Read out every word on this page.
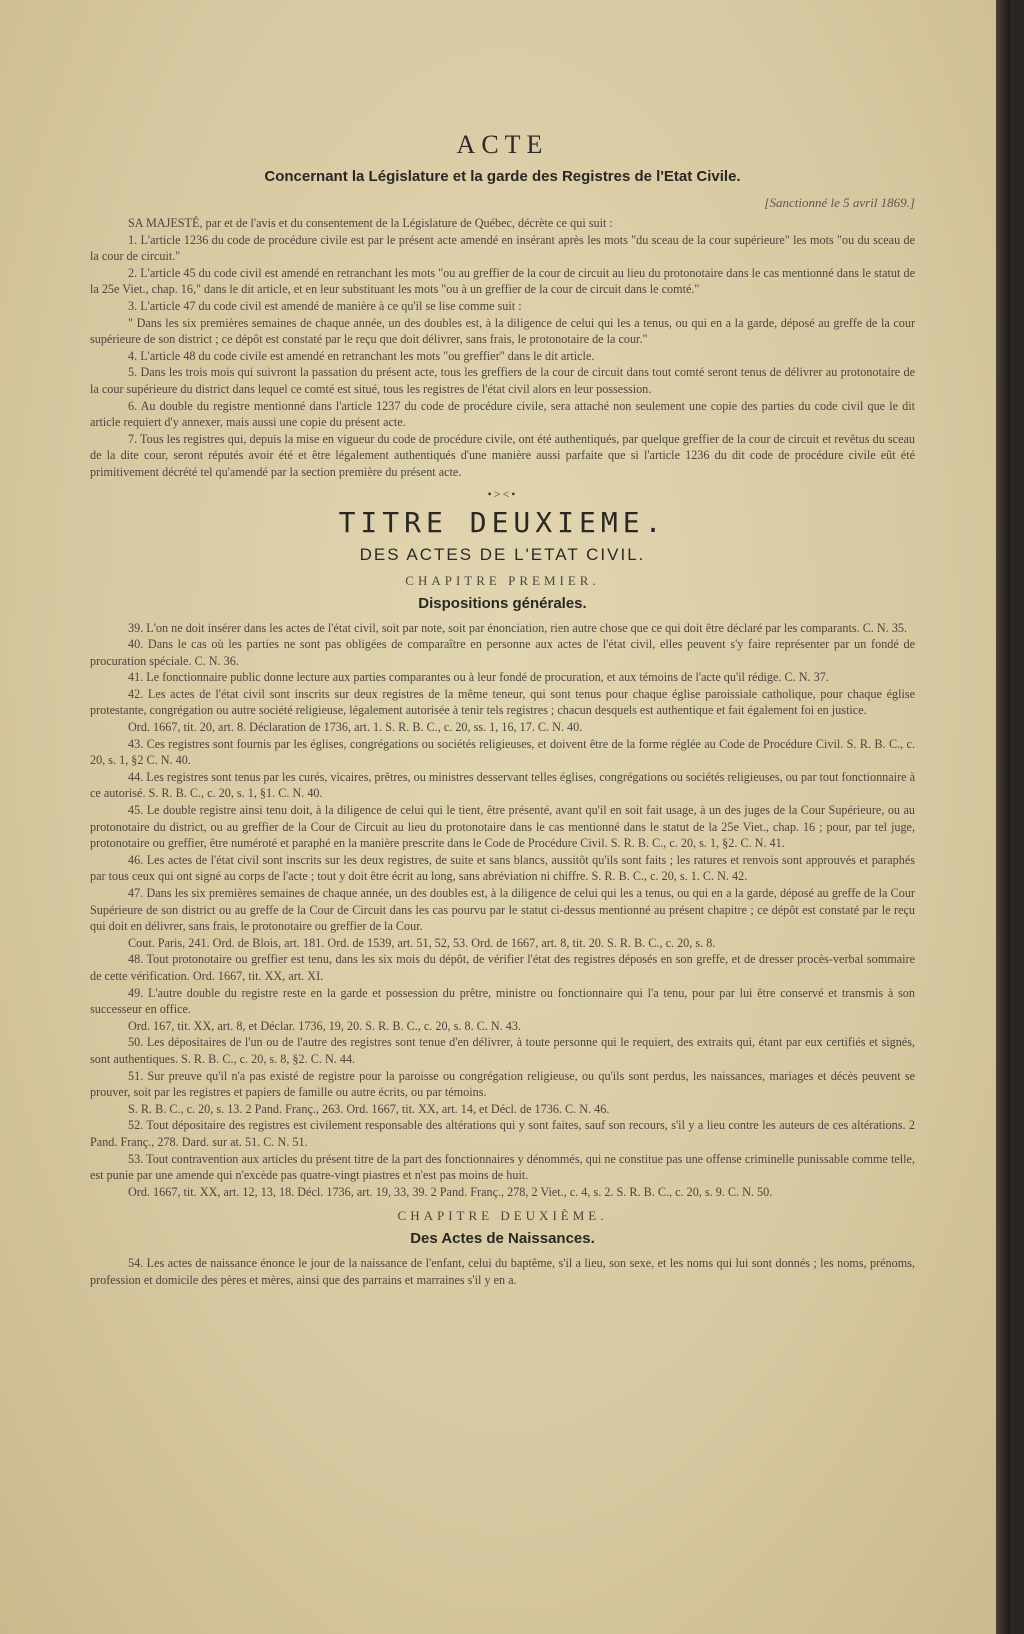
ACTE
Concernant la Législature et la garde des Registres de l'Etat Civile.
[Sanctionné le 5 avril 1869.]

SA MAJESTÉ, par et de l'avis et du consentement de la Législature de Québec, décrète ce qui suit :

1. L'article 1236 du code de procédure civile est par le présent acte amendé en insérant après les mots "du sceau de la cour supérieure" les mots "ou du sceau de la cour de circuit."

2. L'article 45 du code civil est amendé en retranchant les mots "ou au greffier de la cour de circuit au lieu du protonotaire dans le cas mentionné dans le statut de la 25e Viet., chap. 16," dans le dit article, et en leur substituant les mots "ou à un greffier de la cour de circuit dans le comté."

3. L'article 47 du code civil est amendé de manière à ce qu'il se lise comme suit :

" Dans les six premières semaines de chaque année, un des doubles est, à la diligence de celui qui les a tenus, ou qui en a la garde, déposé au greffe de la cour supérieure de son district ; ce dépôt est constaté par le reçu que doit délivrer, sans frais, le protonotaire de la cour."

4. L'article 48 du code civile est amendé en retranchant les mots "ou greffier" dans le dit article.

5. Dans les trois mois qui suivront la passation du présent acte, tous les greffiers de la cour de circuit dans tout comté seront tenus de délivrer au protonotaire de la cour supérieure du district dans lequel ce comté est situé, tous les registres de l'état civil alors en leur possession.

6. Au double du registre mentionné dans l'article 1237 du code de procédure civile, sera attaché non seulement une copie des parties du code civil que le dit article requiert d'y annexer, mais aussi une copie du présent acte.

7. Tous les registres qui, depuis la mise en vigueur du code de procédure civile, ont été authentiqués, par quelque greffier de la cour de circuit et revêtus du sceau de la dite cour, seront réputés avoir été et être légalement authentiqués d'une manière aussi parfaite que si l'article 1236 du dit code de procédure civile eût été primitivement décrété tel qu'amendé par la section première du présent acte.

•><•
TITRE DEUXIEME.
DES ACTES DE L'ETAT CIVIL.
CHAPITRE PREMIER.
Dispositions générales.

39. L'on ne doit insérer dans les actes de l'état civil, soit par note, soit par énonciation, rien autre chose que ce qui doit être déclaré par les comparants. C. N. 35.

40. Dans le cas où les parties ne sont pas obligées de comparaître en personne aux actes de l'état civil, elles peuvent s'y faire représenter par un fondé de procuration spéciale. C. N. 36.

41. Le fonctionnaire public donne lecture aux parties comparantes ou à leur fondé de procuration, et aux témoins de l'acte qu'il rédige. C. N. 37.

42. Les actes de l'état civil sont inscrits sur deux registres de la même teneur, qui sont tenus pour chaque église paroissiale catholique, pour chaque église protestante, congrégation ou autre société religieuse, légalement autorisée à tenir tels registres ; chacun desquels est authentique et fait également foi en justice.

Ord. 1667, tit. 20, art. 8. Déclaration de 1736, art. 1. S. R. B. C., c. 20, ss. 1, 16, 17. C. N. 40.

43. Ces registres sont fournis par les églises, congrégations ou sociétés religieuses, et doivent être de la forme réglée au Code de Procédure Civil. S. R. B. C., c. 20, s. 1, §2 C. N. 40.

44. Les registres sont tenus par les curés, vicaires, prêtres, ou ministres desservant telles églises, congrégations ou sociétés religieuses, ou par tout fonctionnaire à ce autorisé. S. R. B. C., c. 20, s. 1, §1. C. N. 40.

45. Le double registre ainsi tenu doit, à la diligence de celui qui le tient, être présenté, avant qu'il en soit fait usage, à un des juges de la Cour Supérieure, ou au protonotaire du district, ou au greffier de la Cour de Circuit au lieu du protonotaire dans le cas mentionné dans le statut de la 25e Viet., chap. 16 ; pour, par tel juge, protonotaire ou greffier, être numéroté et paraphé en la manière prescrite dans le Code de Procédure Civil. S. R. B. C., c. 20, s. 1, §2. C. N. 41.

46. Les actes de l'état civil sont inscrits sur les deux registres, de suite et sans blancs, aussitôt qu'ils sont faits ; les ratures et renvois sont approuvés et paraphés par tous ceux qui ont signé au corps de l'acte ; tout y doit être écrit au long, sans abréviation ni chiffre. S. R. B. C., c. 20, s. 1. C. N. 42.

47. Dans les six premières semaines de chaque année, un des doubles est, à la diligence de celui qui les a tenus, ou qui en a la garde, déposé au greffe de la Cour Supérieure de son district ou au greffe de la Cour de Circuit dans les cas pourvu par le statut ci-dessus mentionné au présent chapitre ; ce dépôt est constaté par le reçu qui doit en délivrer, sans frais, le protonotaire ou greffier de la Cour.

Cout. Paris, 241. Ord. de Blois, art. 181. Ord. de 1539, art. 51, 52, 53. Ord. de 1667, art. 8, tit. 20. S. R. B. C., c. 20, s. 8.

48. Tout protonotaire ou greffier est tenu, dans les six mois du dépôt, de vérifier l'état des registres déposés en son greffe, et de dresser procès-verbal sommaire de cette vérification. Ord. 1667, tit. XX, art. XI.

49. L'autre double du registre reste en la garde et possession du prêtre, ministre ou fonctionnaire qui l'a tenu, pour par lui être conservé et transmis à son successeur en office.

Ord. 167, tit. XX, art. 8, et Déclar. 1736, 19, 20. S. R. B. C., c. 20, s. 8. C. N. 43.

50. Les dépositaires de l'un ou de l'autre des registres sont tenue d'en délivrer, à toute personne qui le requiert, des extraits qui, étant par eux certifiés et signés, sont authentiques. S. R. B. C., c. 20, s. 8, §2. C. N. 44.

51. Sur preuve qu'il n'a pas existé de registre pour la paroisse ou congrégation religieuse, ou qu'ils sont perdus, les naissances, mariages et décès peuvent se prouver, soit par les registres et papiers de famille ou autre écrits, ou par témoins.

S. R. B. C., c. 20, s. 13. 2 Pand. Franç., 263. Ord. 1667, tit. XX, art. 14, et Décl. de 1736. C. N. 46.

52. Tout dépositaire des registres est civilement responsable des altérations qui y sont faites, sauf son recours, s'il y a lieu contre les auteurs de ces altérations. 2 Pand. Franç., 278. Dard. sur at. 51. C. N. 51.

53. Tout contravention aux articles du présent titre de la part des fonctionnaires y dénommés, qui ne constitue pas une offense criminelle punissable comme telle, est punie par une amende qui n'excède pas quatre-vingt piastres et n'est pas moins de huit.

Ord. 1667, tit. XX, art. 12, 13, 18. Décl. 1736, art. 19, 33, 39. 2 Pand. Franç., 278, 2 Viet., c. 4, s. 2. S. R. B. C., c. 20, s. 9. C. N. 50.

CHAPITRE DEUXIÈME.
Des Actes de Naissances.

54. Les actes de naissance énonce le jour de la naissance de l'enfant, celui du baptême, s'il a lieu, son sexe, et les noms qui lui sont donnés ; les noms, prénoms, profession et domicile des pères et mères, ainsi que des parrains et marraines s'il y en a.
